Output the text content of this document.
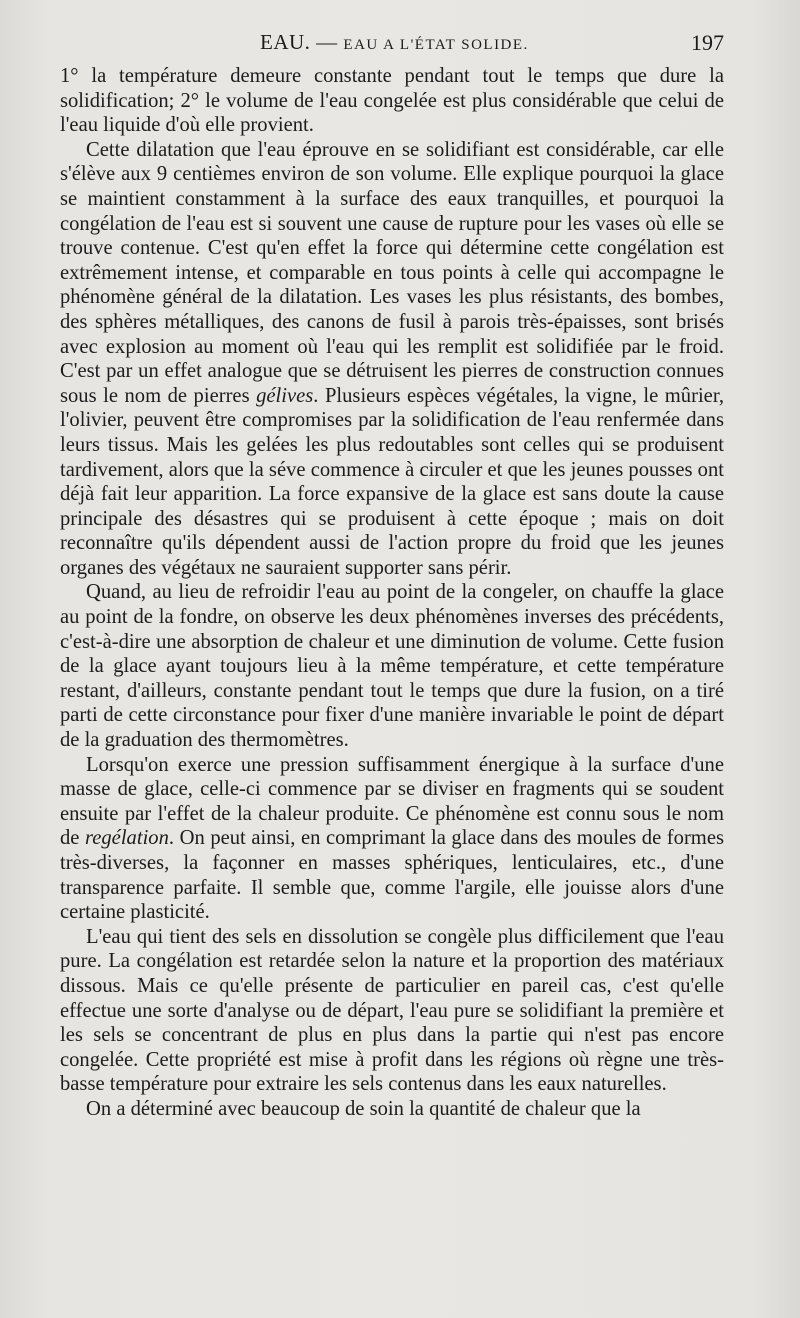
EAU. — EAU A L'ÉTAT SOLIDE.	197

1° la température demeure constante pendant tout le temps que dure la solidification; 2° le volume de l'eau congelée est plus considérable que celui de l'eau liquide d'où elle provient.

Cette dilatation que l'eau éprouve en se solidifiant est considérable, car elle s'élève aux 9 centièmes environ de son volume. Elle explique pourquoi la glace se maintient constamment à la surface des eaux tranquilles, et pourquoi la congélation de l'eau est si souvent une cause de rupture pour les vases où elle se trouve contenue. C'est qu'en effet la force qui détermine cette congélation est extrêmement intense, et comparable en tous points à celle qui accompagne le phénomène général de la dilatation. Les vases les plus résistants, des bombes, des sphères métalliques, des canons de fusil à parois très-épaisses, sont brisés avec explosion au moment où l'eau qui les remplit est solidifiée par le froid. C'est par un effet analogue que se détruisent les pierres de construction connues sous le nom de pierres gélives. Plusieurs espèces végétales, la vigne, le mûrier, l'olivier, peuvent être compromises par la solidification de l'eau renfermée dans leurs tissus. Mais les gelées les plus redoutables sont celles qui se produisent tardivement, alors que la séve commence à circuler et que les jeunes pousses ont déjà fait leur apparition. La force expansive de la glace est sans doute la cause principale des désastres qui se produisent à cette époque ; mais on doit reconnaître qu'ils dépendent aussi de l'action propre du froid que les jeunes organes des végétaux ne sauraient supporter sans périr.

Quand, au lieu de refroidir l'eau au point de la congeler, on chauffe la glace au point de la fondre, on observe les deux phénomènes inverses des précédents, c'est-à-dire une absorption de chaleur et une diminution de volume. Cette fusion de la glace ayant toujours lieu à la même température, et cette température restant, d'ailleurs, constante pendant tout le temps que dure la fusion, on a tiré parti de cette circonstance pour fixer d'une manière invariable le point de départ de la graduation des thermomètres.

Lorsqu'on exerce une pression suffisamment énergique à la surface d'une masse de glace, celle-ci commence par se diviser en fragments qui se soudent ensuite par l'effet de la chaleur produite. Ce phénomène est connu sous le nom de regélation. On peut ainsi, en comprimant la glace dans des moules de formes très-diverses, la façonner en masses sphériques, lenticulaires, etc., d'une transparence parfaite. Il semble que, comme l'argile, elle jouisse alors d'une certaine plasticité.

L'eau qui tient des sels en dissolution se congèle plus difficilement que l'eau pure. La congélation est retardée selon la nature et la proportion des matériaux dissous. Mais ce qu'elle présente de particulier en pareil cas, c'est qu'elle effectue une sorte d'analyse ou de départ, l'eau pure se solidifiant la première et les sels se concentrant de plus en plus dans la partie qui n'est pas encore congelée. Cette propriété est mise à profit dans les régions où règne une très-basse température pour extraire les sels contenus dans les eaux naturelles.

On a déterminé avec beaucoup de soin la quantité de chaleur que la
